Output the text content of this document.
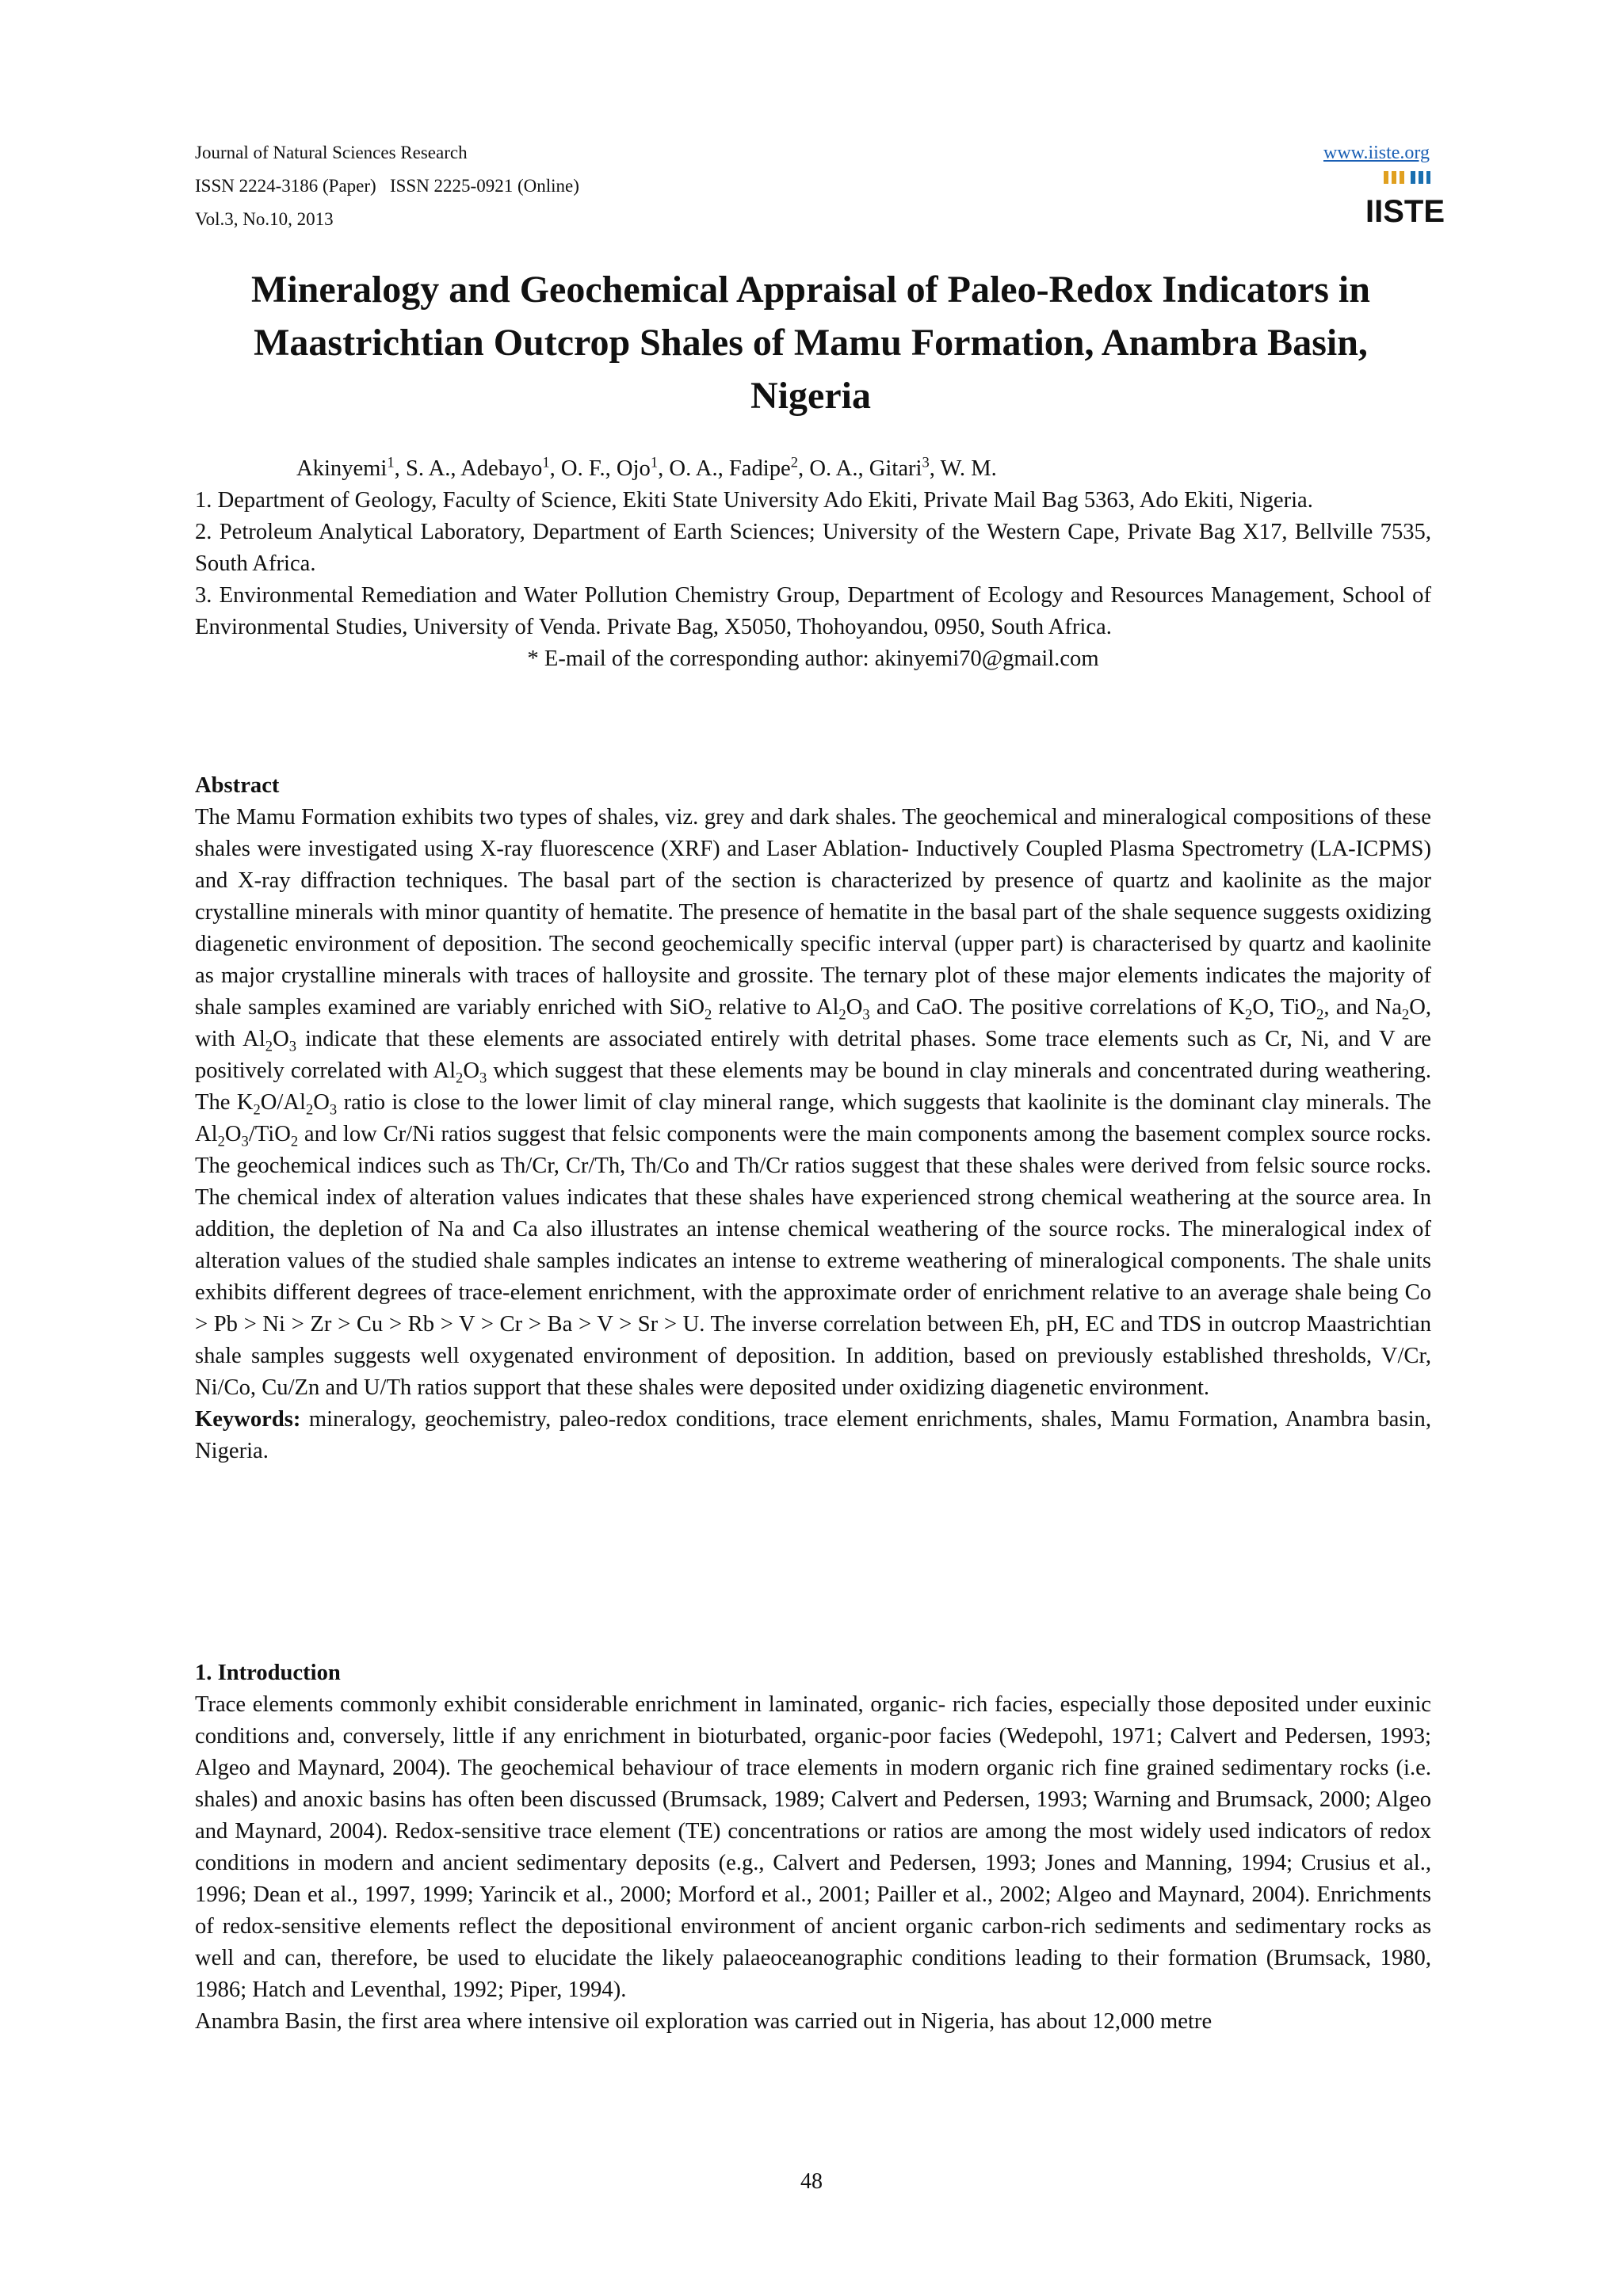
Journal of Natural Sciences Research
ISSN 2224-3186 (Paper)   ISSN 2225-0921 (Online)
Vol.3, No.10, 2013
www.iiste.org
IISTE
Mineralogy and Geochemical Appraisal of Paleo-Redox Indicators in Maastrichtian Outcrop Shales of Mamu Formation, Anambra Basin, Nigeria
Akinyemi$^1$, S. A., Adebayo$^1$, O. F., Ojo$^1$, O. A., Fadipe$^2$, O. A., Gitari$^3$, W. M.

1. Department of Geology, Faculty of Science, Ekiti State University Ado Ekiti, Private Mail Bag 5363, Ado Ekiti, Nigeria.

2. Petroleum Analytical Laboratory, Department of Earth Sciences; University of the Western Cape, Private Bag X17, Bellville 7535, South Africa.

3. Environmental Remediation and Water Pollution Chemistry Group, Department of Ecology and Resources Management, School of Environmental Studies, University of Venda. Private Bag, X5050, Thohoyandou, 0950, South Africa.

* E-mail of the corresponding author: akinyemi70@gmail.com
Abstract

The Mamu Formation exhibits two types of shales, viz. grey and dark shales. The geochemical and mineralogical compositions of these shales were investigated using X-ray fluorescence (XRF) and Laser Ablation- Inductively Coupled Plasma Spectrometry (LA-ICPMS) and X-ray diffraction techniques. The basal part of the section is characterized by presence of quartz and kaolinite as the major crystalline minerals with minor quantity of hematite. The presence of hematite in the basal part of the shale sequence suggests oxidizing diagenetic environment of deposition. The second geochemically specific interval (upper part) is characterised by quartz and kaolinite as major crystalline minerals with traces of halloysite and grossite. The ternary plot of these major elements indicates the majority of shale samples examined are variably enriched with SiO$_2$ relative to $Al_2O_3$ and CaO. The positive correlations of $K_2O$, TiO$_2$, and $Na_2O$, with $Al_2O_3$ indicate that these elements are associated entirely with detrital phases. Some trace elements such as Cr, Ni, and V are positively correlated with $Al_2O_3$ which suggest that these elements may be bound in clay minerals and concentrated during weathering. The $K_2O/Al_2O_3$ ratio is close to the lower limit of clay mineral range, which suggests that kaolinite is the dominant clay minerals. The $Al_2O_3/TiO_2$ and low Cr/Ni ratios suggest that felsic components were the main components among the basement complex source rocks. The geochemical indices such as Th/Cr, Cr/Th, Th/Co and Th/Cr ratios suggest that these shales were derived from felsic source rocks. The chemical index of alteration values indicates that these shales have experienced strong chemical weathering at the source area. In addition, the depletion of Na and Ca also illustrates an intense chemical weathering of the source rocks. The mineralogical index of alteration values of the studied shale samples indicates an intense to extreme weathering of mineralogical components. The shale units exhibits different degrees of trace-element enrichment, with the approximate order of enrichment relative to an average shale being Co > Pb > Ni > Zr > Cu > Rb > V > Cr > Ba > V > Sr > U. The inverse correlation between Eh, pH, EC and TDS in outcrop Maastrichtian shale samples suggests well oxygenated environment of deposition. In addition, based on previously established thresholds, V/Cr, Ni/Co, Cu/Zn and U/Th ratios support that these shales were deposited under oxidizing diagenetic environment.

Keywords: mineralogy, geochemistry, paleo-redox conditions, trace element enrichments, shales, Mamu Formation, Anambra basin, Nigeria.

1. Introduction

Trace elements commonly exhibit considerable enrichment in laminated, organic- rich facies, especially those deposited under euxinic conditions and, conversely, little if any enrichment in bioturbated, organic-poor facies (Wedepohl, 1971; Calvert and Pedersen, 1993; Algeo and Maynard, 2004). The geochemical behaviour of trace elements in modern organic rich fine grained sedimentary rocks (i.e. shales) and anoxic basins has often been discussed (Brumsack, 1989; Calvert and Pedersen, 1993; Warning and Brumsack, 2000; Algeo and Maynard, 2004). Redox-sensitive trace element (TE) concentrations or ratios are among the most widely used indicators of redox conditions in modern and ancient sedimentary deposits (e.g., Calvert and Pedersen, 1993; Jones and Manning, 1994; Crusius et al., 1996; Dean et al., 1997, 1999; Yarincik et al., 2000; Morford et al., 2001; Pailler et al., 2002; Algeo and Maynard, 2004). Enrichments of redox-sensitive elements reflect the depositional environment of ancient organic carbon-rich sediments and sedimentary rocks as well and can, therefore, be used to elucidate the likely palaeoceanographic conditions leading to their formation (Brumsack, 1980, 1986; Hatch and Leventhal, 1992; Piper, 1994).

Anambra Basin, the first area where intensive oil exploration was carried out in Nigeria, has about 12,000 metre

48
